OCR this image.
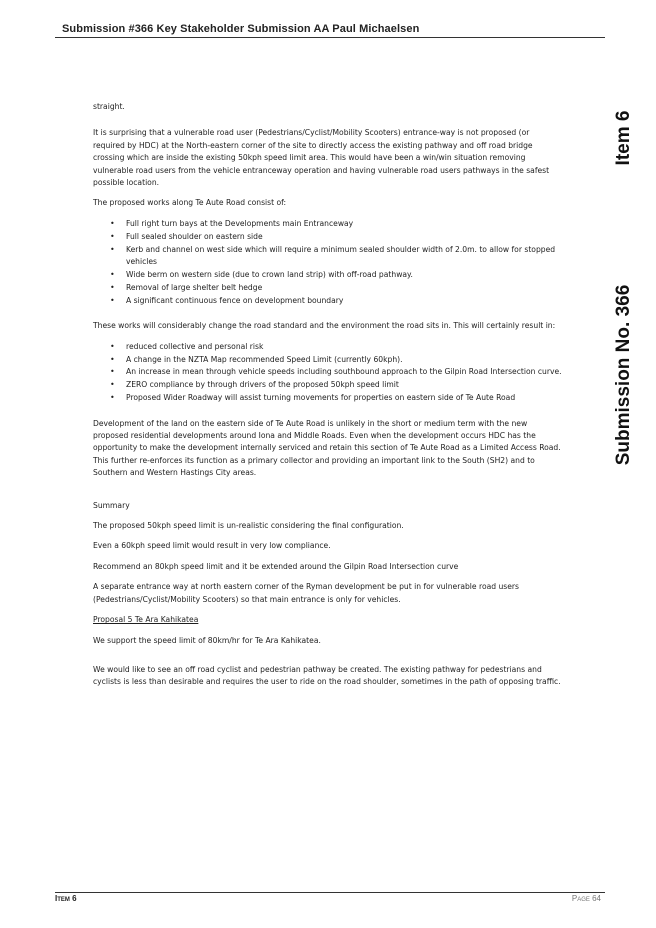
Submission #366 Key Stakeholder Submission AA Paul Michaelsen
Item 6
Submission No. 366

straight.

It is surprising that a vulnerable road user (Pedestrians/Cyclist/Mobility Scooters) entrance-way is not proposed (or required by HDC) at the North-eastern corner of the site to directly access the existing pathway and off road bridge crossing which are inside the existing 50kph speed limit area. This would have been a win/win situation removing vulnerable road users from the vehicle entranceway operation and having vulnerable road users pathways in the safest possible location.

The proposed works along Te Aute Road consist of:

• Full right turn bays at the Developments main Entranceway
• Full sealed shoulder on eastern side
• Kerb and channel on west side which will require a minimum sealed shoulder width of 2.0m. to allow for stopped vehicles
• Wide berm on western side (due to crown land strip) with off-road pathway.
• Removal of large shelter belt hedge
• A significant continuous fence on development boundary

These works will considerably change the road standard and the environment the road sits in. This will certainly result in:

• reduced collective and personal risk
• A change in the NZTA Map recommended Speed Limit (currently 60kph).
• An increase in mean through vehicle speeds including southbound approach to the Gilpin Road Intersection curve.
• ZERO compliance by through drivers of the proposed 50kph speed limit
• Proposed Wider Roadway will assist turning movements for properties on eastern side of Te Aute Road

Development of the land on the eastern side of Te Aute Road is unlikely in the short or medium term with the new proposed residential developments around Iona and Middle Roads. Even when the development occurs HDC has the opportunity to make the development internally serviced and retain this section of Te Aute Road as a Limited Access Road. This further re-enforces its function as a primary collector and providing an important link to the South (SH2) and to Southern and Western Hastings City areas.

Summary

The proposed 50kph speed limit is un-realistic considering the final configuration.

Even a 60kph speed limit would result in very low compliance.

Recommend an 80kph speed limit and it be extended around the Gilpin Road Intersection curve

A separate entrance way at north eastern corner of the Ryman development be put in for vulnerable road users (Pedestrians/Cyclist/Mobility Scooters) so that main entrance is only for vehicles.

Proposal 5 Te Ara Kahikatea

We support the speed limit of 80km/hr for Te Ara Kahikatea.

We would like to see an off road cyclist and pedestrian pathway be created. The existing pathway for pedestrians and cyclists is less than desirable and requires the user to ride on the road shoulder, sometimes in the path of opposing traffic.

Item 6	Page 64
